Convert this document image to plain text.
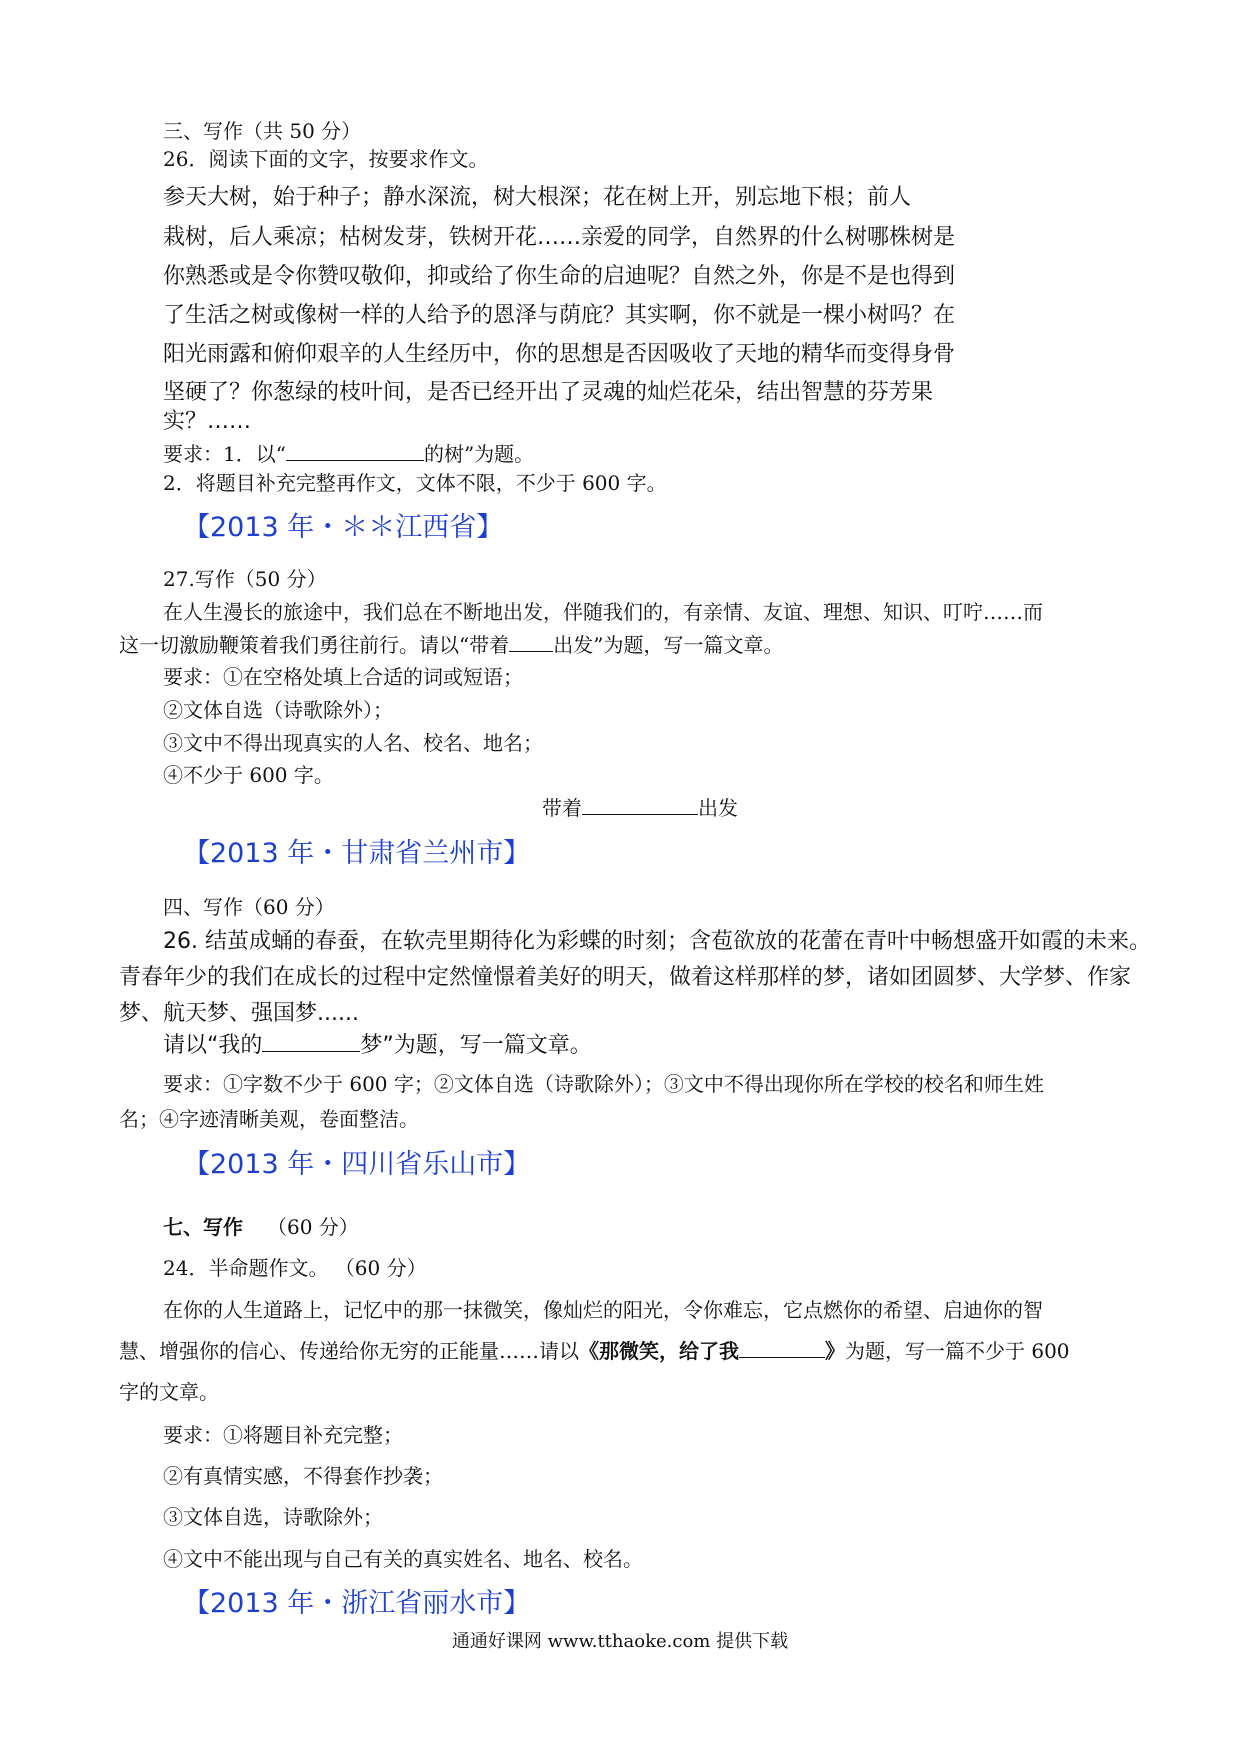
三、写作（共 50 分）
26．阅读下面的文字，按要求作文。
参天大树，始于种子；静水深流，树大根深；花在树上开，别忘地下根；前人
栽树，后人乘凉；枯树发芽，铁树开花……亲爱的同学，自然界的什么树哪株树是
你熟悉或是令你赞叹敬仰，抑或给了你生命的启迪呢？自然之外，你是不是也得到
了生活之树或像树一样的人给予的恩泽与荫庇？其实啊，你不就是一棵小树吗？在
阳光雨露和俯仰艰辛的人生经历中，你的思想是否因吸收了天地的精华而变得身骨
坚硬了？你葱绿的枝叶间，是否已经开出了灵魂的灿烂花朵，结出智慧的芬芳果
实？……
要求：1．以“	的树”为题。
2．将题目补充完整再作文，文体不限，不少于 600 字。
【2013 年・＊＊江西省】
27.写作（50 分）
在人生漫长的旅途中，我们总在不断地出发，伴随我们的，有亲情、友谊、理想、知识、叮咛……而
这一切激励鞭策着我们勇往前行。请以“带着 出发”为题，写一篇文章。
要求：①在空格处填上合适的词或短语；
②文体自选（诗歌除外）；
③文中不得出现真实的人名、校名、地名；
④不少于 600 字。
带着	出发
【2013 年・甘肃省兰州市】
四、写作（60 分）
26. 结茧成蛹的春蚕，在软壳里期待化为彩蝶的时刻；含苞欲放的花蕾在青叶中畅想盛开如霞的未来。
青春年少的我们在成长的过程中定然憧憬着美好的明天，做着这样那样的梦，诸如团圆梦、大学梦、作家
梦、航天梦、强国梦......
请以“我的	梦”为题，写一篇文章。
要求：①字数不少于 600 字；②文体自选（诗歌除外）；③文中不得出现你所在学校的校名和师生姓
名；④字迹清晰美观，卷面整洁。
【2013 年・四川省乐山市】
七、写作 （60 分）
24．半命题作文。 （60 分）
在你的人生道路上，记忆中的那一抹微笑，像灿烂的阳光，令你难忘，它点燃你的希望、启迪你的智
慧、增强你的信心、传递给你无穷的正能量……请以《那微笑，给了我	》为题，写一篇不少于 600
字的文章。
要求：①将题目补充完整；
②有真情实感，不得套作抄袭；
③文体自选，诗歌除外；
④文中不能出现与自己有关的真实姓名、地名、校名。
【2013 年・浙江省丽水市】
通通好课网 www.tthaoke.com 提供下载
